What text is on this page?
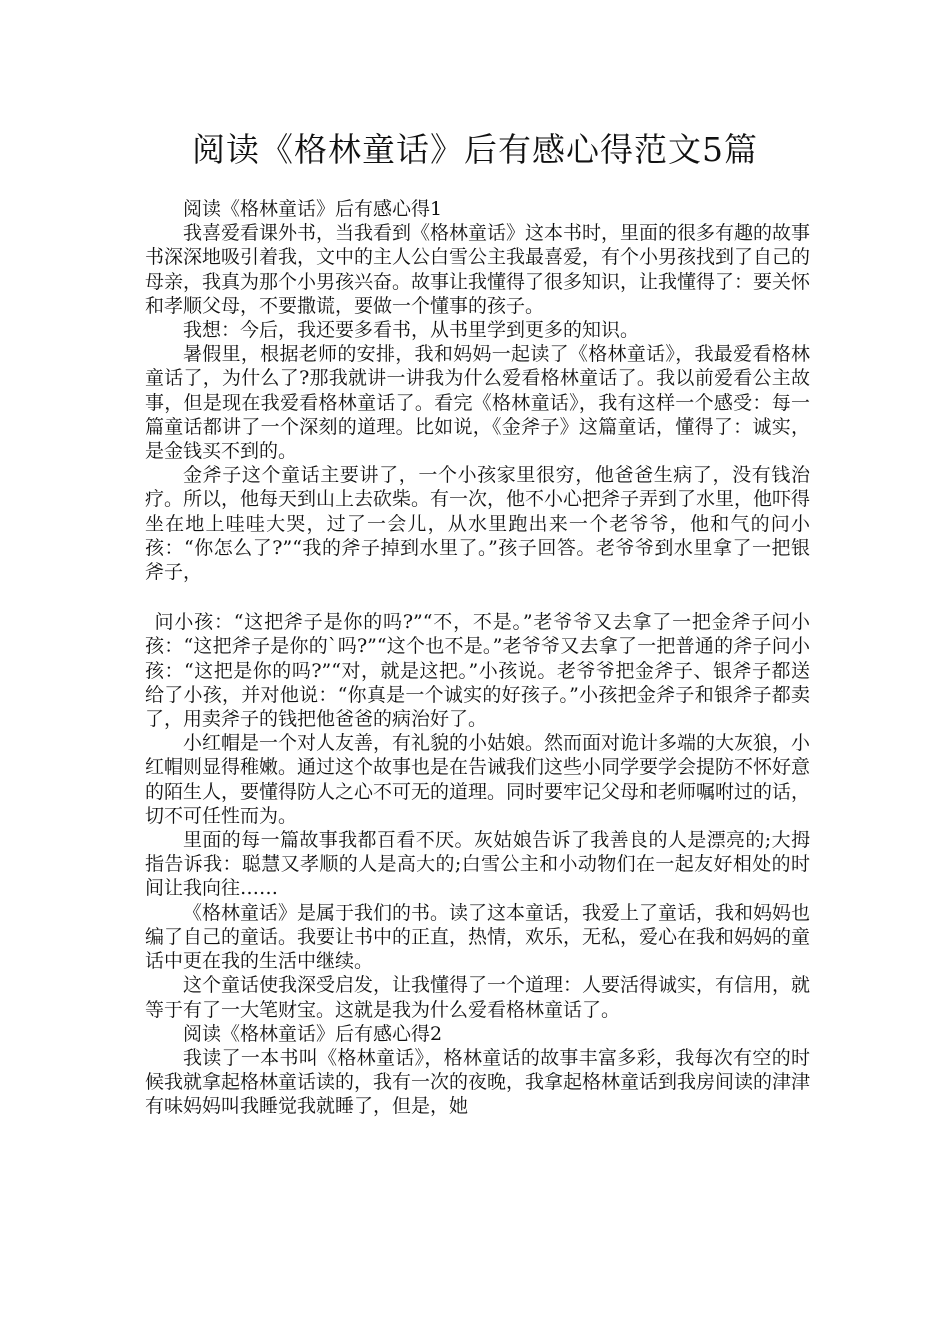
阅读《格林童话》后有感心得范文5篇

阅读《格林童话》后有感心得1

我喜爱看课外书，当我看到《格林童话》这本书时，里面的很多有趣的故事书深深地吸引着我，文中的主人公白雪公主我最喜爱，有个小男孩找到了自己的母亲，我真为那个小男孩兴奋。故事让我懂得了很多知识，让我懂得了：要关怀和孝顺父母，不要撒谎，要做一个懂事的孩子。

我想：今后，我还要多看书，从书里学到更多的知识。

暑假里，根据老师的安排，我和妈妈一起读了《格林童话》，我最爱看格林童话了，为什么了?那我就讲一讲我为什么爱看格林童话了。我以前爱看公主故事，但是现在我爱看格林童话了。看完《格林童话》，我有这样一个感受：每一篇童话都讲了一个深刻的道理。比如说，《金斧子》这篇童话，懂得了：诚实，是金钱买不到的。

金斧子这个童话主要讲了，一个小孩家里很穷，他爸爸生病了，没有钱治疗。所以，他每天到山上去砍柴。有一次，他不小心把斧子弄到了水里，他吓得坐在地上哇哇大哭，过了一会儿，从水里跑出来一个老爷爷，他和气的问小孩：“你怎么了?”“我的斧子掉到水里了。”孩子回答。老爷爷到水里拿了一把银斧子，

问小孩：“这把斧子是你的吗?”“不，不是。”老爷爷又去拿了一把金斧子问小孩：“这把斧子是你的`吗?”“这个也不是。”老爷爷又去拿了一把普通的斧子问小孩：“这把是你的吗?”“对，就是这把。”小孩说。老爷爷把金斧子、银斧子都送给了小孩，并对他说：“你真是一个诚实的好孩子。”小孩把金斧子和银斧子都卖了，用卖斧子的钱把他爸爸的病治好了。

小红帽是一个对人友善，有礼貌的小姑娘。然而面对诡计多端的大灰狼，小红帽则显得稚嫩。通过这个故事也是在告诫我们这些小同学要学会提防不怀好意的陌生人，要懂得防人之心不可无的道理。同时要牢记父母和老师嘱咐过的话，切不可任性而为。

里面的每一篇故事我都百看不厌。灰姑娘告诉了我善良的人是漂亮的;大拇指告诉我：聪慧又孝顺的人是高大的;白雪公主和小动物们在一起友好相处的时间让我向往……

《格林童话》是属于我们的书。读了这本童话，我爱上了童话，我和妈妈也编了自己的童话。我要让书中的正直，热情，欢乐，无私，爱心在我和妈妈的童话中更在我的生活中继续。

这个童话使我深受启发，让我懂得了一个道理：人要活得诚实，有信用，就等于有了一大笔财宝。这就是我为什么爱看格林童话了。

阅读《格林童话》后有感心得2

我读了一本书叫《格林童话》，格林童话的故事丰富多彩，我每次有空的时候我就拿起格林童话读的，我有一次的夜晚，我拿起格林童话到我房间读的津津有味妈妈叫我睡觉我就睡了，但是，她
